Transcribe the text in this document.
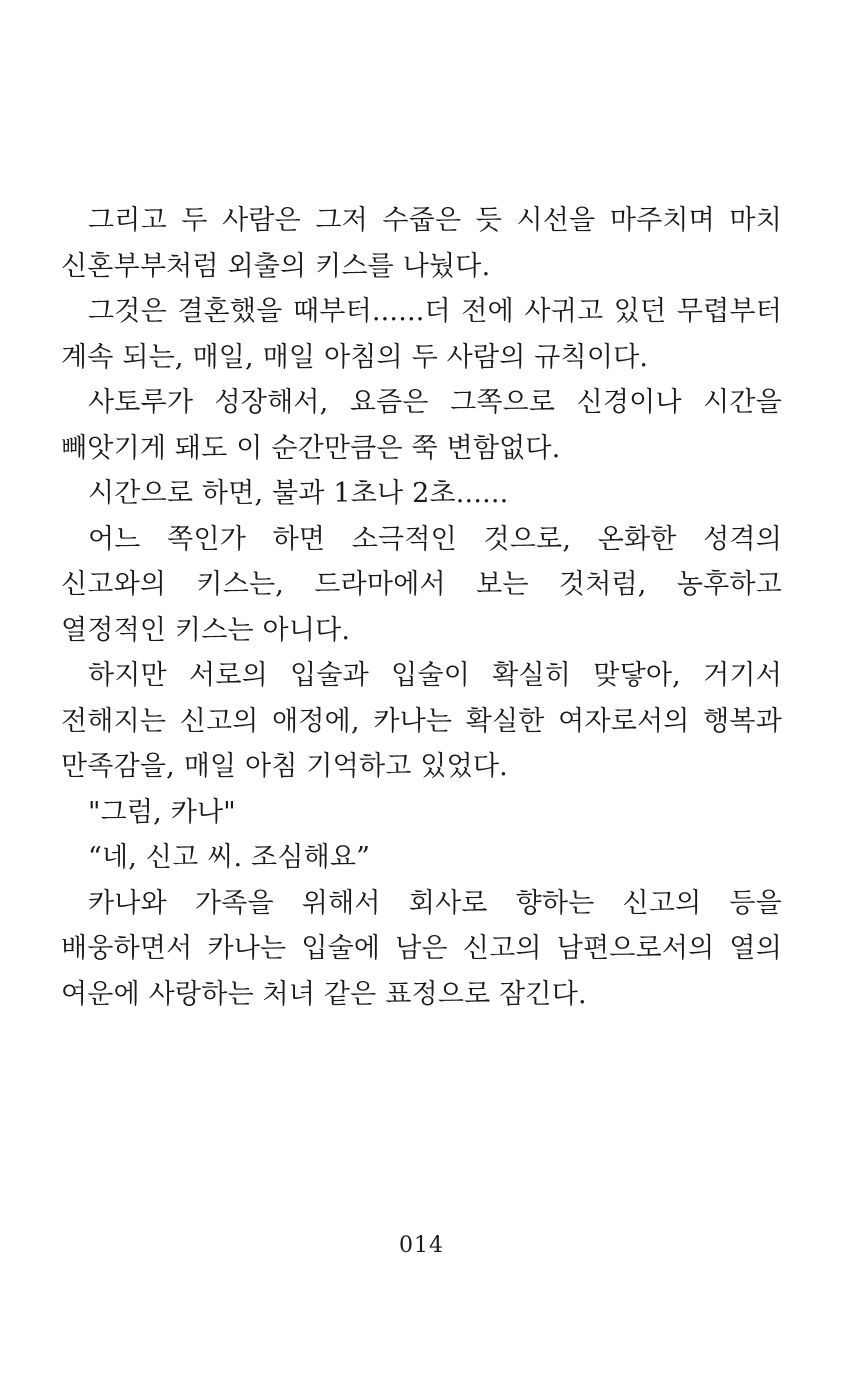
그리고 두 사람은 그저 수줍은 듯 시선을 마주치며 마치 신혼부부처럼 외출의 키스를 나눴다.

그것은 결혼했을 때부터......더 전에 사귀고 있던 무렵부터 계속 되는, 매일, 매일 아침의 두 사람의 규칙이다.

사토루가 성장해서, 요즘은 그쪽으로 신경이나 시간을 빼앗기게 돼도 이 순간만큼은 쭉 변함없다.

시간으로 하면, 불과 1초나 2초......

어느 쪽인가 하면 소극적인 것으로, 온화한 성격의 신고와의 키스는, 드라마에서 보는 것처럼, 농후하고 열정적인 키스는 아니다.

하지만 서로의 입술과 입술이 확실히 맞닿아, 거기서 전해지는 신고의 애정에, 카나는 확실한 여자로서의 행복과 만족감을, 매일 아침 기억하고 있었다.

"그럼, 카나"

“네, 신고 씨. 조심해요”

카나와 가족을 위해서 회사로 향하는 신고의 등을 배웅하면서 카나는 입술에 남은 신고의 남편으로서의 열의 여운에 사랑하는 처녀 같은 표정으로 잠긴다.

014
